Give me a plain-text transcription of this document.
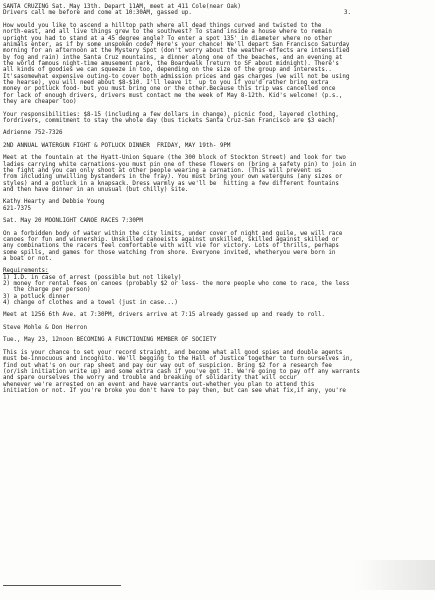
3.
SANTA CRUZING Sat. May 13th. Depart 11AM, meet at 411 Cole(near Oak)
Drivers call me before and come at 10:30AM, gassed up.
How would you like to ascend a hilltop path where all dead things curved and twisted to the
north-east, and all live things grew to the southwest? To stand inside a house where to remain
upright you had to stand at a 45 degree angle? To enter a spot 135' in diameter where no other
animals enter, as if by some unspoken code? Here's your chance! We'll depart San Francisco Saturday
morning for an afternoon at the Mystery Spot (don't worry about the weather-effects are intensified
by fog and rain) inthe Santa Cruz mountains, a dinner along one of the beaches, and an evening at
the world famous night-time amusement park, the Boardwalk (return to SF about midnight). There's
all kinds of goodies we can squeeze in too, depending on the size of the group and interests..
It'sasomewhat expensive outing-to cover both admission prices and gas charges (we will not be using
the hearse), you will need about $8-$10. I'll leave it  up to you if you'd rather bring extra
money or potluck food- but you must bring one or the other.Because this trip was cancelled once
for lack of enough drivers, drivers must contact me the week of May 8-12th. Kid's welcome! (p.s.,
they are cheaper too)
Your responsibilities: $8-15 (including a few dollars in change), picnic food, layered clothing,
fordrivers, commitment to stay the whole day (bus tickets Santa Cruz-San Francisco are $3 each)
Adrienne 752-7326
2ND ANNUAL WATERGUN FIGHT & POTLUCK DINNER  FRIDAY, MAY 19th- 9PM
Meet at the fountain at the Hyatt-Union Square (the 300 block of Stockton Street) and look for two
ladies carrying white carnations-you must pin one of these flowers on (bring a safety pin) to join in
the fight and you can only shoot at other people wearing a carnation. (This will prevent us
from including unwilling bystanders in the fray). You must bring your own waterguns (any sizes or
styles) and a potluck in a knapsack. Dress warmly as we'll be  hitting a few different fountains
and then have dinner in an unusual (but chilly) site.
Kathy Hearty and Debbie Young
621-7375
Sat. May 20 MOONLIGHT CANOE RACES 7:30PM
On a forbidden body of water within the city limits, under cover of night and guile, we will race
canoes for fun and winnership. Unskilled canoeists against unskilled, skilled against skilled or
any combinations the racers feel comfortable with will vie for victory. Lots of thrills, perhaps
some spills, and games for those watching from shore. Everyone invited, whetheryou were born in
a boat or not.
Requirements:
1) I.D. in case of arrest (possible but not likely)
2) money for rental fees on canoes (probably $2 or less- the more people who come to race, the less
the charge per person)
3) a potluck dinner
4) change of clothes and a towel (just in case...)
Meet at 1256 6th Ave. at 7:30PM, drivers arrive at 7:15 already gassed up and ready to roll.
Steve Mohle & Don Herron
Tue., May 23, 12noon BECOMING A FUNCTIONING MEMBER OF SOCIETY
This is your chance to set your record straight, and become what all good spies and double agents
must be-innocuous and incognito. We'll begging to the Hall of Justice together to turn ourselves in,
find out what's on our rap sheet and pay our way out of suspicion. Bring $2 for a research fee
(or/ish initiation write up) and some extra cash if you've got it. We're going to pay off any warrants
and spare ourselves the worry and trouble and breaking of solidarity that will occur
whenever we're arrested on an event and have warrants out-whether you plan to attend this
initiation or not. If you're broke you don't have to pay then, but can see what fix,if any, you're
